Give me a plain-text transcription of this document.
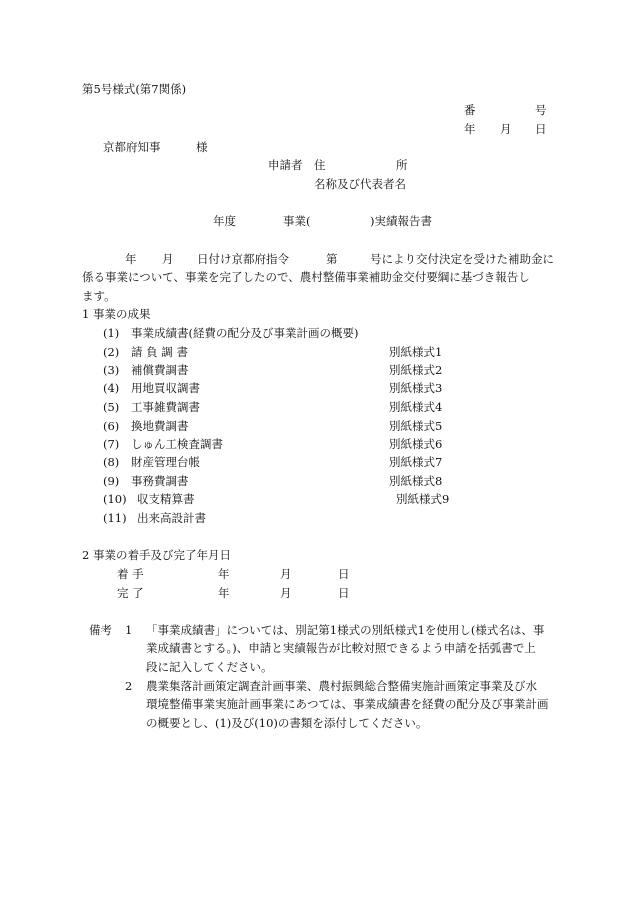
第5号様式(第7関係)
番	号
年 月 日
京都府知事	様
申請者 住	所
名称及び代表者名
年度	事業(	)実績報告書
年 月 日付け京都府指令	第	号により交付決定を受けた補助金に
係る事業について、事業を完了したので、農村整備事業補助金交付要綱に基づき報告し
ます。
1 事業の成果
(1) 事業成績書(経費の配分及び事業計画の概要)
(2) 請 負 調 書	別紙様式1
(3) 補償費調書	別紙様式2
(4) 用地買収調書	別紙様式3
(5) 工事雑費調書	別紙様式4
(6) 換地費調書	別紙様式5
(7) しゅん工検査調書	別紙様式6
(8) 財産管理台帳	別紙様式7
(9) 事務費調書	別紙様式8
(10) 収支精算書	別紙様式9
(11) 出来高設計書
2 事業の着手及び完了年月日
着 手	年	月	日
完 了	年	月	日
備考 1 「事業成績書」については、別記第1様式の別紙様式1を使用し(様式名は、事
業成績書とする。)、申請と実績報告が比較対照できるよう申請を括弧書で上
段に記入してください。
2 農業集落計画策定調査計画事業、農村振興総合整備実施計画策定事業及び水
環境整備事業実施計画事業にあつては、事業成績書を経費の配分及び事業計画
の概要とし、(1)及び(10)の書類を添付してください。
